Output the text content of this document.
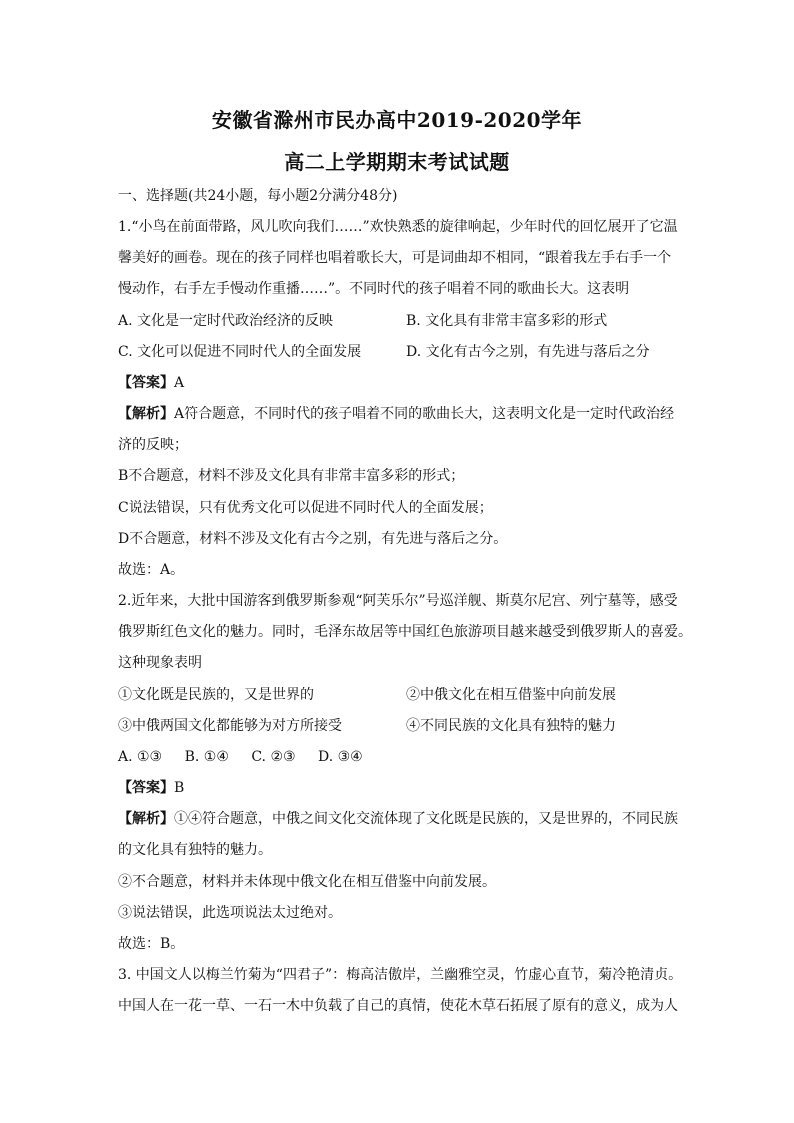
安徽省滁州市民办高中2019-2020学年
高二上学期期末考试试题
一、选择题(共24小题，每小题2分满分48分)
1.“小鸟在前面带路，风儿吹向我们……”欢快熟悉的旋律响起，少年时代的回忆展开了它温
馨美好的画卷。现在的孩子同样也唱着歌长大，可是词曲却不相同，“跟着我左手右手一个
慢动作，右手左手慢动作重播……”。不同时代的孩子唱着不同的歌曲长大。这表明
A. 文化是一定时代政治经济的反映	B. 文化具有非常丰富多彩的形式
C. 文化可以促进不同时代人的全面发展	D. 文化有古今之别，有先进与落后之分
【答案】A
【解析】A符合题意，不同时代的孩子唱着不同的歌曲长大，这表明文化是一定时代政治经
济的反映；
B不合题意，材料不涉及文化具有非常丰富多彩的形式；
C说法错误，只有优秀文化可以促进不同时代人的全面发展；
D不合题意，材料不涉及文化有古今之别，有先进与落后之分。
故选：A。
2.近年来，大批中国游客到俄罗斯参观“阿芙乐尔”号巡洋舰、斯莫尔尼宫、列宁墓等，感受
俄罗斯红色文化的魅力。同时，毛泽东故居等中国红色旅游项目越来越受到俄罗斯人的喜爱。
这种现象表明
①文化既是民族的，又是世界的	②中俄文化在相互借鉴中向前发展
③中俄两国文化都能够为对方所接受	④不同民族的文化具有独特的魅力
A. ①③ B. ①④ C. ②③ D. ③④
【答案】B
【解析】①④符合题意，中俄之间文化交流体现了文化既是民族的，又是世界的，不同民族
的文化具有独特的魅力。
②不合题意，材料并未体现中俄文化在相互借鉴中向前发展。
③说法错误，此选项说法太过绝对。
故选：B。
3. 中国文人以梅兰竹菊为“四君子”：梅高洁傲岸，兰幽雅空灵，竹虚心直节，菊冷艳清贞。
中国人在一花一草、一石一木中负载了自己的真情，使花木草石拓展了原有的意义，成为人
